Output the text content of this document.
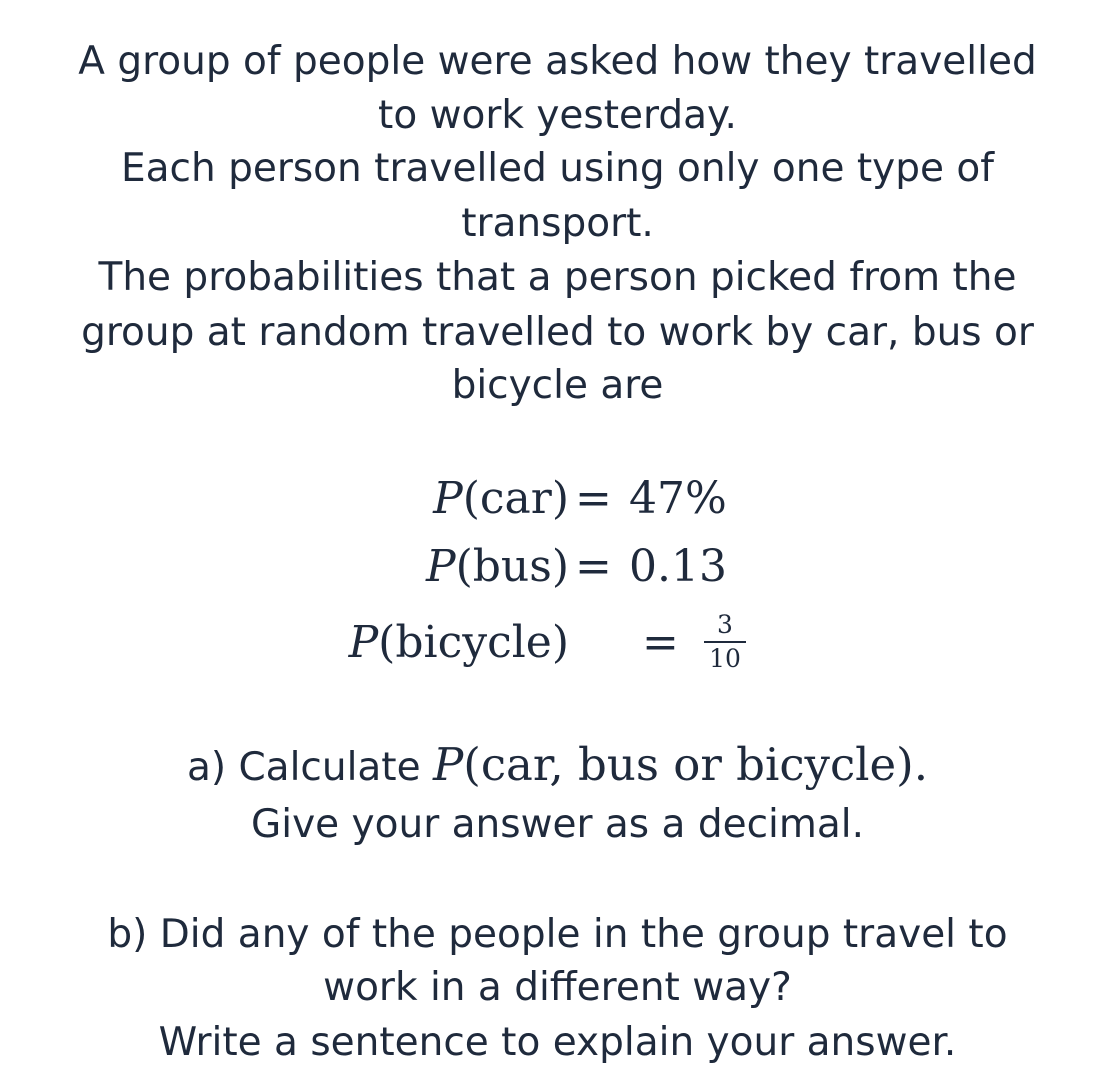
A group of people were asked how they travelled
to work yesterday.
Each person travelled using only one type of
transport.
The probabilities that a person picked from the
group at random travelled to work by car, bus or
bicycle are
P(car) = 47%
P(bus) = 0.13
P(bicycle) = $\frac{3}{10}$
a) Calculate P(car, bus or bicycle).
Give your answer as a decimal.
b) Did any of the people in the group travel to
work in a different way?
Write a sentence to explain your answer.
